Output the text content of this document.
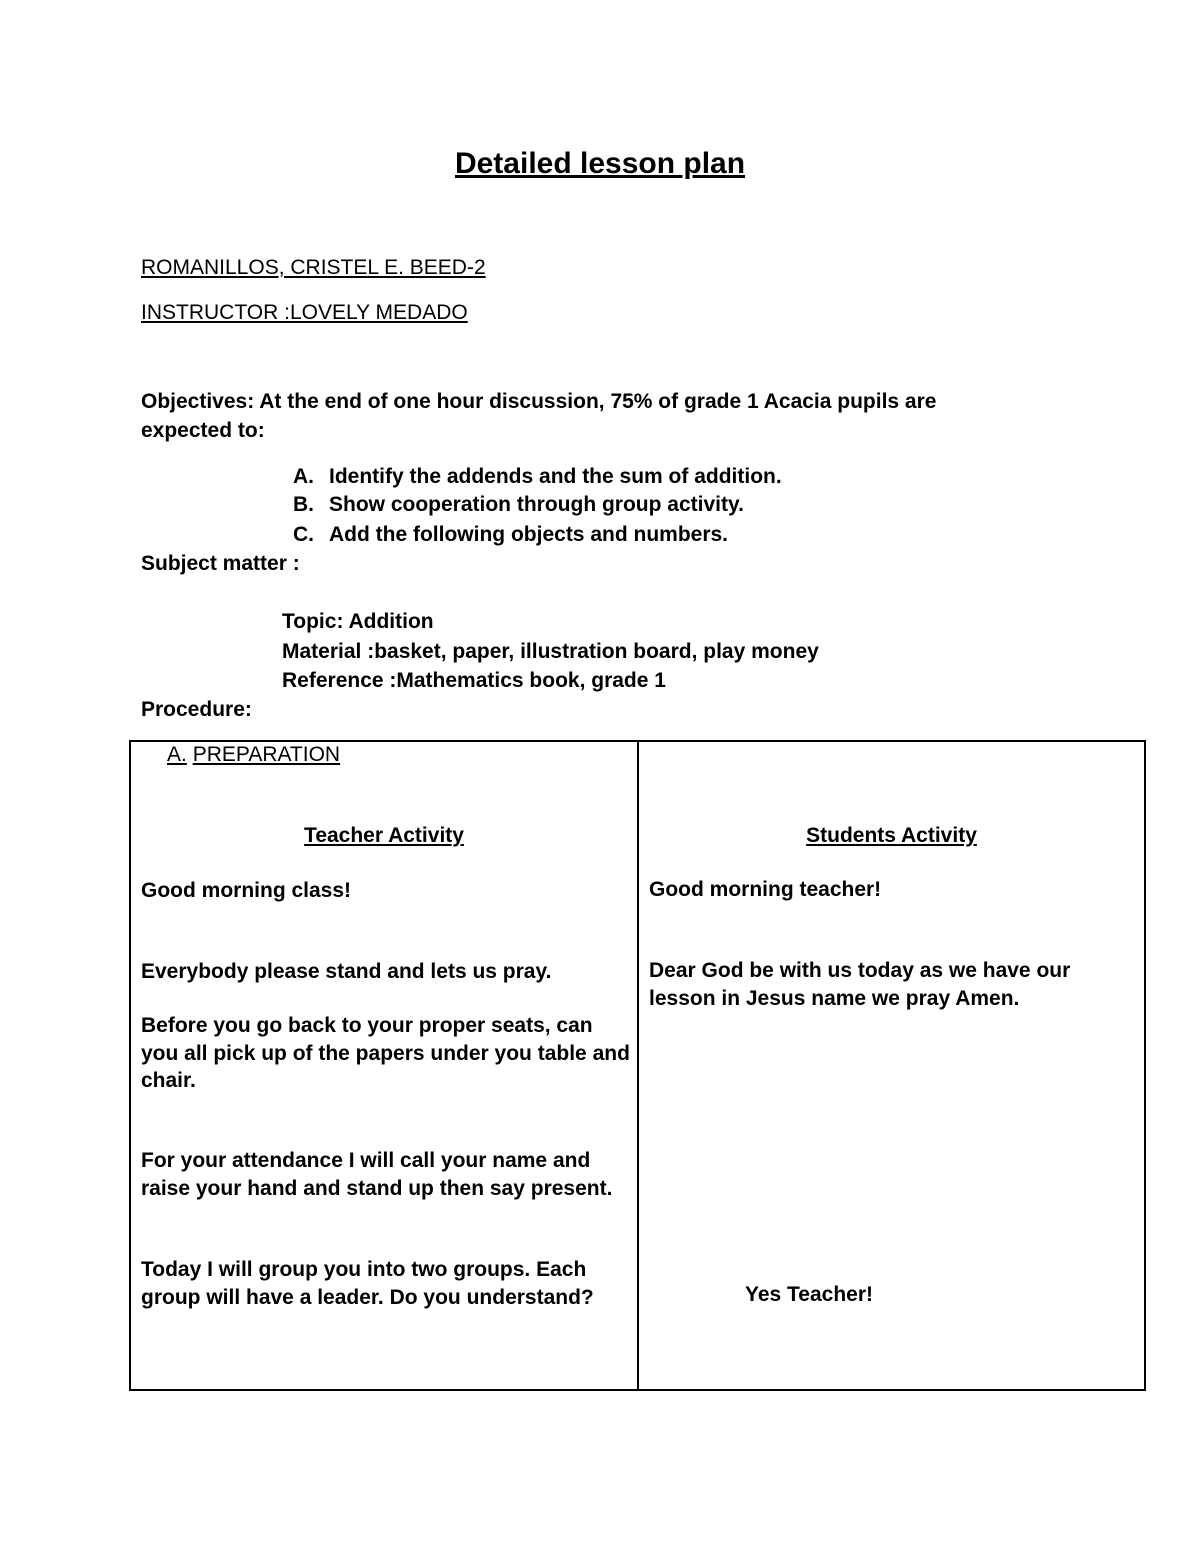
Detailed lesson plan
ROMANILLOS, CRISTEL E. BEED-2
INSTRUCTOR :LOVELY MEDADO
Objectives: At the end of one hour discussion, 75% of grade 1 Acacia pupils are
expected to:
A. Identify the addends and the sum of addition.
B. Show cooperation through group activity.
C. Add the following objects and numbers.
Subject matter :
Topic: Addition
Material :basket, paper, illustration board, play money
Reference :Mathematics book, grade 1
Procedure:
A. PREPARATION
Teacher Activity	Students Activity
Good morning class!
Everybody please stand and lets us pray.
Before you go back to your proper seats, can you all pick up of the papers under you table and chair.
For your attendance I will call your name and raise your hand and stand up then say present.
Today I will group you into two groups. Each group will have a leader. Do you understand?
Good morning teacher!
Dear God be with us today as we have our lesson in Jesus name we pray Amen.
Yes Teacher!
